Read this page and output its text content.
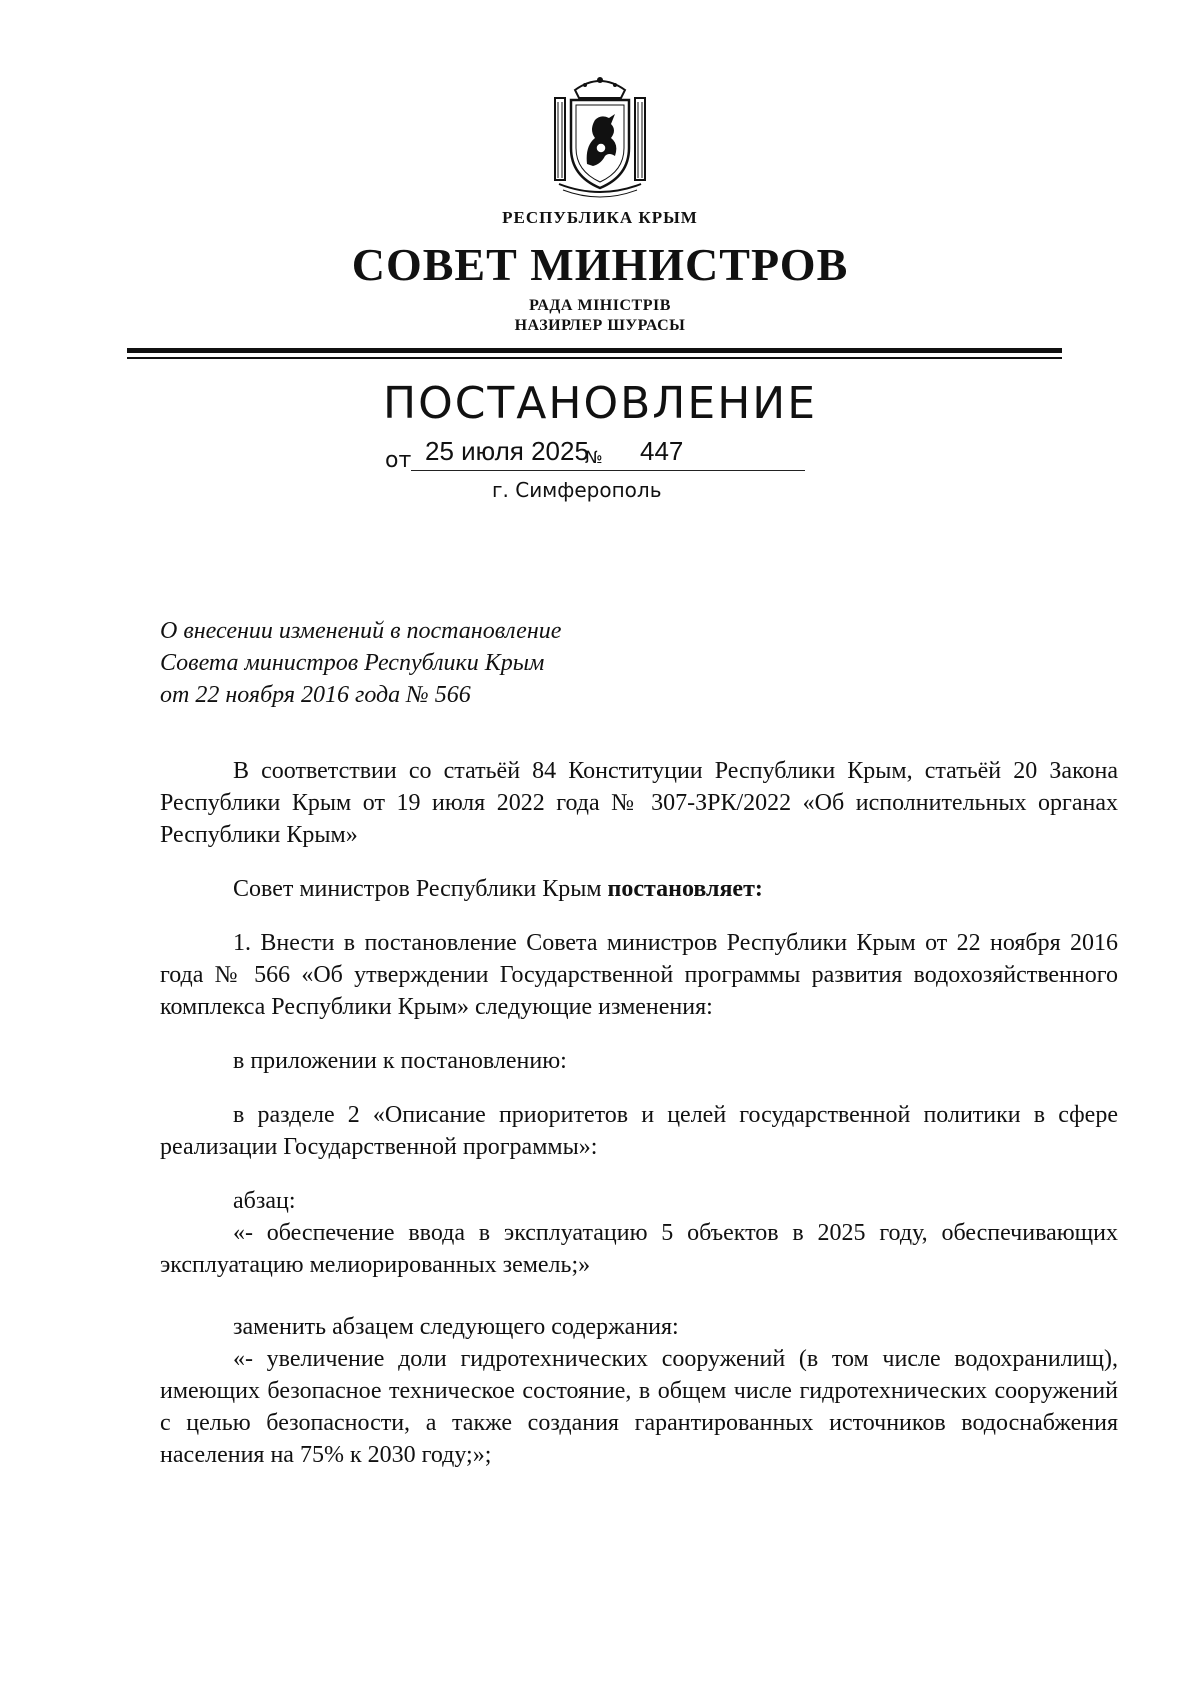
РЕСПУБЛИКА КРЫМ
СОВЕТ МИНИСТРОВ
РАДА МІНІСТРІВ
НАЗИРЛЕР ШУРАСЫ
ПОСТАНОВЛЕНИЕ
от 25 июля 2025
№ 447
г. Симферополь
О внесении изменений в постановление
Совета министров Республики Крым
от 22 ноября 2016 года № 566

В соответствии со статьёй 84 Конституции Республики Крым, статьёй 20 Закона Республики Крым от 19 июля 2022 года № 307-ЗРК/2022 «Об исполнительных органах Республики Крым»

Совет министров Республики Крым постановляет:

1. Внести в постановление Совета министров Республики Крым от 22 ноября 2016 года № 566 «Об утверждении Государственной программы развития водохозяйственного комплекса Республики Крым» следующие изменения:

в приложении к постановлению:

в разделе 2 «Описание приоритетов и целей государственной политики в сфере реализации Государственной программы»:

абзац:

«- обеспечение ввода в эксплуатацию 5 объектов в 2025 году, обеспечивающих эксплуатацию мелиорированных земель;»

заменить абзацем следующего содержания:

«- увеличение доли гидротехнических сооружений (в том числе водохранилищ), имеющих безопасное техническое состояние, в общем числе гидротехнических сооружений с целью безопасности, а также создания гарантированных источников водоснабжения населения на 75% к 2030 году;»;
